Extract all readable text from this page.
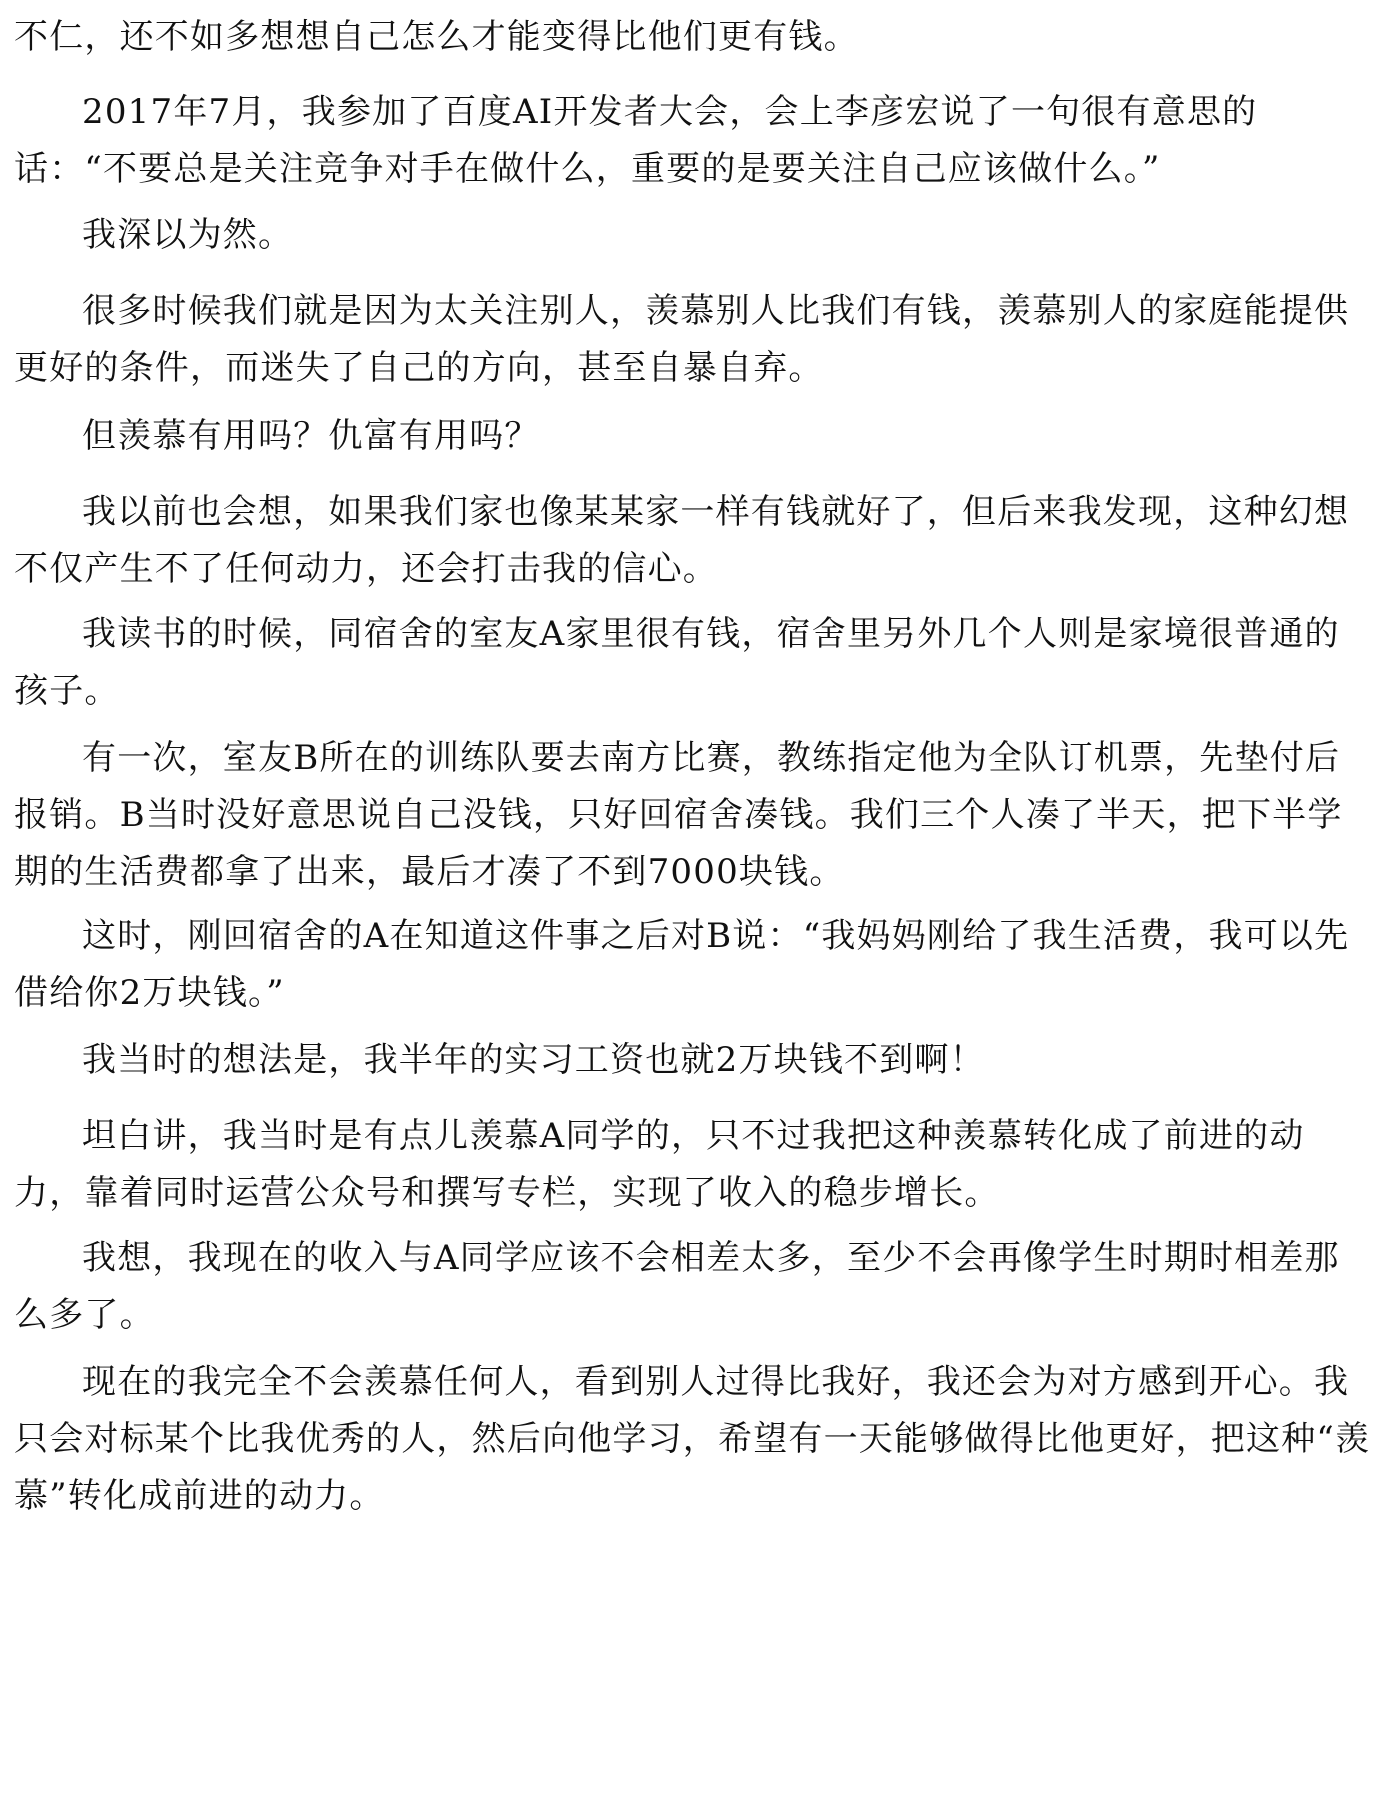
不仁，还不如多想想自己怎么才能变得比他们更有钱。

2017年7月，我参加了百度AI开发者大会，会上李彦宏说了一句很有意思的话：“不要总是关注竞争对手在做什么，重要的是要关注自己应该做什么。”

我深以为然。

很多时候我们就是因为太关注别人，羡慕别人比我们有钱，羡慕别人的家庭能提供更好的条件，而迷失了自己的方向，甚至自暴自弃。

但羡慕有用吗？仇富有用吗？

我以前也会想，如果我们家也像某某家一样有钱就好了，但后来我发现，这种幻想不仅产生不了任何动力，还会打击我的信心。

我读书的时候，同宿舍的室友A家里很有钱，宿舍里另外几个人则是家境很普通的孩子。

有一次，室友B所在的训练队要去南方比赛，教练指定他为全队订机票，先垫付后报销。B当时没好意思说自己没钱，只好回宿舍凑钱。我们三个人凑了半天，把下半学期的生活费都拿了出来，最后才凑了不到7000块钱。

这时，刚回宿舍的A在知道这件事之后对B说：“我妈妈刚给了我生活费，我可以先借给你2万块钱。”

我当时的想法是，我半年的实习工资也就2万块钱不到啊！

坦白讲，我当时是有点儿羡慕A同学的，只不过我把这种羡慕转化成了前进的动力，靠着同时运营公众号和撰写专栏，实现了收入的稳步增长。

我想，我现在的收入与A同学应该不会相差太多，至少不会再像学生时期时相差那么多了。

现在的我完全不会羡慕任何人，看到别人过得比我好，我还会为对方感到开心。我只会对标某个比我优秀的人，然后向他学习，希望有一天能够做得比他更好，把这种“羡慕”转化成前进的动力。
